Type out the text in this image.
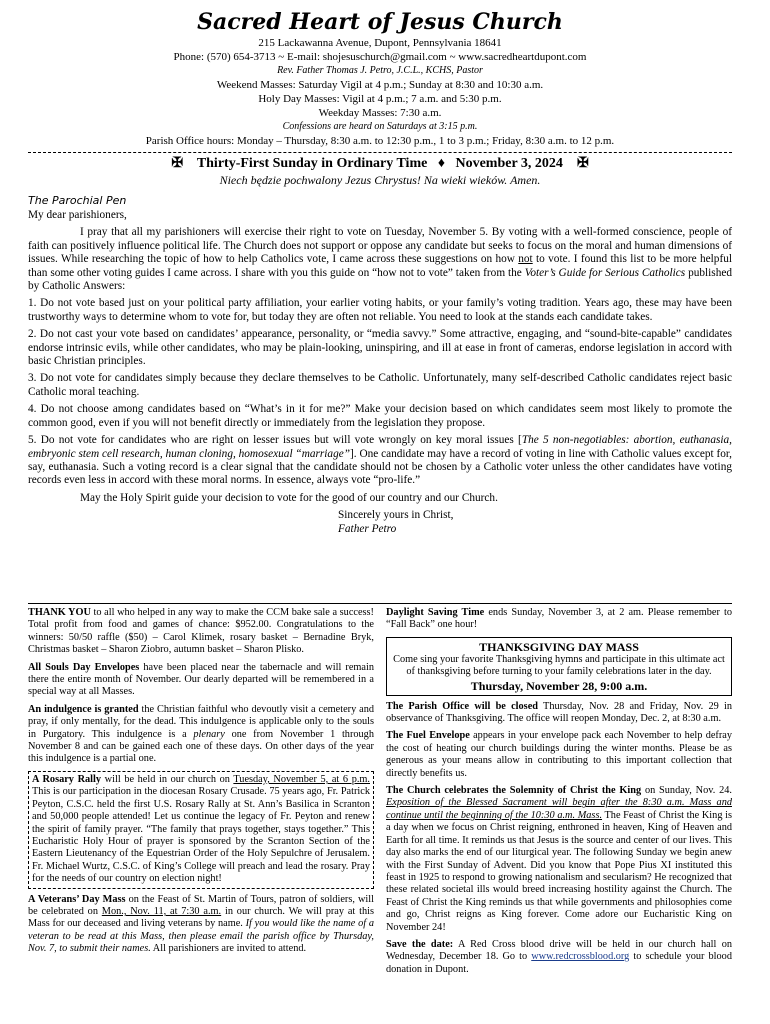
Sacred Heart of Jesus Church

215 Lackawanna Avenue, Dupont, Pennsylvania 18641

Phone: (570) 654-3713 ~ E-mail: shojesuschurch@gmail.com ~ www.sacredheartdupont.com

Rev. Father Thomas J. Petro, J.C.L., KCHS, Pastor

Weekend Masses: Saturday Vigil at 4 p.m.; Sunday at 8:30 and 10:30 a.m.

Holy Day Masses: Vigil at 4 p.m.; 7 a.m. and 5:30 p.m.

Weekday Masses: 7:30 a.m.

Confessions are heard on Saturdays at 3:15 p.m.

Parish Office hours: Monday – Thursday, 8:30 a.m. to 12:30 p.m., 1 to 3 p.m.; Friday, 8:30 a.m. to 12 p.m.

✠ Thirty-First Sunday in Ordinary Time ♦ November 3, 2024 ✠

Niech będzie pochwalony Jezus Chrystus! Na wieki wieków. Amen.

The Parochial Pen

My dear parishioners,

I pray that all my parishioners will exercise their right to vote on Tuesday, November 5. By voting with a well-formed conscience, people of faith can positively influence political life. The Church does not support or oppose any candidate but seeks to focus on the moral and human dimensions of issues. While researching the topic of how to help Catholics vote, I came across these suggestions on how not to vote. I found this list to be more helpful than some other voting guides I came across. I share with you this guide on “how not to vote” taken from the Voter’s Guide for Serious Catholics published by Catholic Answers:

1. Do not vote based just on your political party affiliation, your earlier voting habits, or your family’s voting tradition. Years ago, these may have been trustworthy ways to determine whom to vote for, but today they are often not reliable. You need to look at the stands each candidate takes.

2. Do not cast your vote based on candidates’ appearance, personality, or “media savvy.” Some attractive, engaging, and “sound-bite-capable” candidates endorse intrinsic evils, while other candidates, who may be plain-looking, uninspiring, and ill at ease in front of cameras, endorse legislation in accord with basic Christian principles.

3. Do not vote for candidates simply because they declare themselves to be Catholic. Unfortunately, many self-described Catholic candidates reject basic Catholic moral teaching.

4. Do not choose among candidates based on “What’s in it for me?” Make your decision based on which candidates seem most likely to promote the common good, even if you will not benefit directly or immediately from the legislation they propose.

5. Do not vote for candidates who are right on lesser issues but will vote wrongly on key moral issues [The 5 non-negotiables: abortion, euthanasia, embryonic stem cell research, human cloning, homosexual “marriage”]. One candidate may have a record of voting in line with Catholic values except for, say, euthanasia. Such a voting record is a clear signal that the candidate should not be chosen by a Catholic voter unless the other candidates have voting records even less in accord with these moral norms. In essence, always vote “pro-life.”

May the Holy Spirit guide your decision to vote for the good of our country and our Church.

Sincerely yours in Christ,
Father Petro

THANK YOU to all who helped in any way to make the CCM bake sale a success! Total profit from food and games of chance: $952.00. Congratulations to the winners: 50/50 raffle ($50) – Carol Klimek, rosary basket – Bernadine Bryk, Christmas basket – Sharon Ziobro, autumn basket – Sharon Plisko.

All Souls Day Envelopes have been placed near the tabernacle and will remain there the entire month of November. Our dearly departed will be remembered in a special way at all Masses.

An indulgence is granted the Christian faithful who devoutly visit a cemetery and pray, if only mentally, for the dead. This indulgence is applicable only to the souls in Purgatory. This indulgence is a plenary one from November 1 through November 8 and can be gained each one of these days. On other days of the year this indulgence is a partial one.

A Rosary Rally will be held in our church on Tuesday, November 5, at 6 p.m. This is our participation in the diocesan Rosary Crusade. 75 years ago, Fr. Patrick Peyton, C.S.C. held the first U.S. Rosary Rally at St. Ann’s Basilica in Scranton and 50,000 people attended! Let us continue the legacy of Fr. Peyton and renew the spirit of family prayer. “The family that prays together, stays together.” This Eucharistic Holy Hour of prayer is sponsored by the Scranton Section of the Eastern Lieutenancy of the Equestrian Order of the Holy Sepulchre of Jerusalem. Fr. Michael Wurtz, C.S.C. of King’s College will preach and lead the rosary. Pray for the needs of our country on election night!

A Veterans’ Day Mass on the Feast of St. Martin of Tours, patron of soldiers, will be celebrated on Mon., Nov. 11, at 7:30 a.m. in our church. We will pray at this Mass for our deceased and living veterans by name. If you would like the name of a veteran to be read at this Mass, then please email the parish office by Thursday, Nov. 7, to submit their names. All parishioners are invited to attend.

Daylight Saving Time ends Sunday, November 3, at 2 am. Please remember to “Fall Back” one hour!

THANKSGIVING DAY MASS
Come sing your favorite Thanksgiving hymns and participate in this ultimate act of thanksgiving before turning to your family celebrations later in the day.
Thursday, November 28, 9:00 a.m.

The Parish Office will be closed Thursday, Nov. 28 and Friday, Nov. 29 in observance of Thanksgiving. The office will reopen Monday, Dec. 2, at 8:30 a.m.

The Fuel Envelope appears in your envelope pack each November to help defray the cost of heating our church buildings during the winter months. Please be as generous as your means allow in contributing to this important collection that directly benefits us.

The Church celebrates the Solemnity of Christ the King on Sunday, Nov. 24. Exposition of the Blessed Sacrament will begin after the 8:30 a.m. Mass and continue until the beginning of the 10:30 a.m. Mass. The Feast of Christ the King is a day when we focus on Christ reigning, enthroned in heaven, King of Heaven and Earth for all time. It reminds us that Jesus is the source and center of our lives. This day also marks the end of our liturgical year. The following Sunday we begin anew with the First Sunday of Advent. Did you know that Pope Pius XI instituted this feast in 1925 to respond to growing nationalism and secularism? He recognized that these related societal ills would breed increasing hostility against the Church. The Feast of Christ the King reminds us that while governments and philosophies come and go, Christ reigns as King forever. Come adore our Eucharistic King on November 24!

Save the date: A Red Cross blood drive will be held in our church hall on Wednesday, December 18. Go to www.redcrossblood.org to schedule your blood donation in Dupont.
